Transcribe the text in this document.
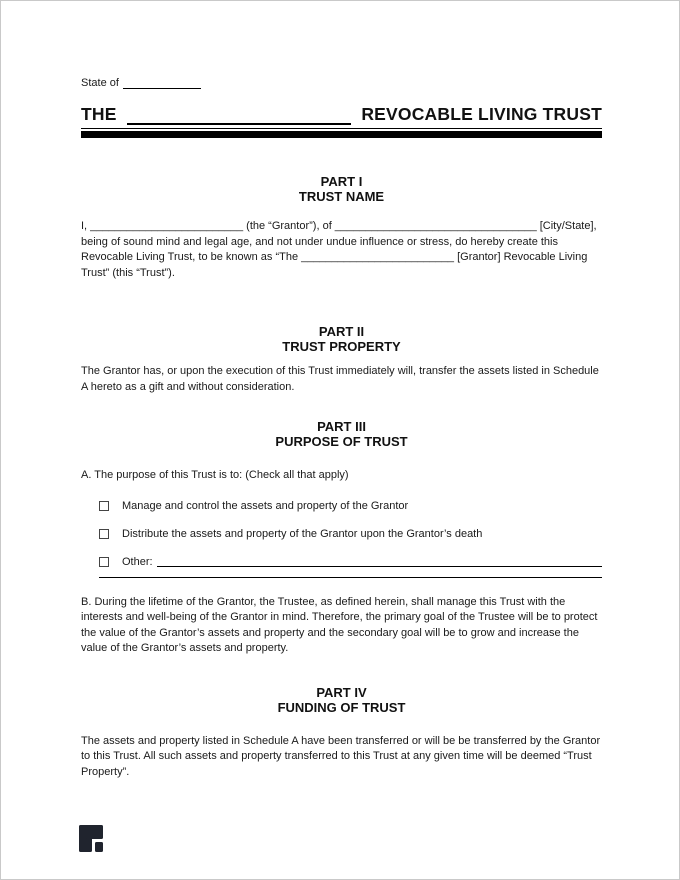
State of
THE	REVOCABLE LIVING TRUST
PART I
TRUST NAME

I, _________________________ (the “Grantor”), of _________________________________ [City/State], being of sound mind and legal age, and not under undue influence or stress, do hereby create this Revocable Living Trust, to be known as “The _________________________ [Grantor] Revocable Living Trust” (this “Trust”).

PART II
TRUST PROPERTY

The Grantor has, or upon the execution of this Trust immediately will, transfer the assets listed in Schedule A hereto as a gift and without consideration.

PART III
PURPOSE OF TRUST

A. The purpose of this Trust is to: (Check all that apply)

Manage and control the assets and property of the Grantor
Distribute the assets and property of the Grantor upon the Grantor’s death
Other:

B. During the lifetime of the Grantor, the Trustee, as defined herein, shall manage this Trust with the interests and well-being of the Grantor in mind. Therefore, the primary goal of the Trustee will be to protect the value of the Grantor’s assets and property and the secondary goal will be to grow and increase the value of the Grantor’s assets and property.

PART IV
FUNDING OF TRUST

The assets and property listed in Schedule A have been transferred or will be be transferred by the Grantor to this Trust. All such assets and property transferred to this Trust at any given time will be deemed “Trust Property”.
